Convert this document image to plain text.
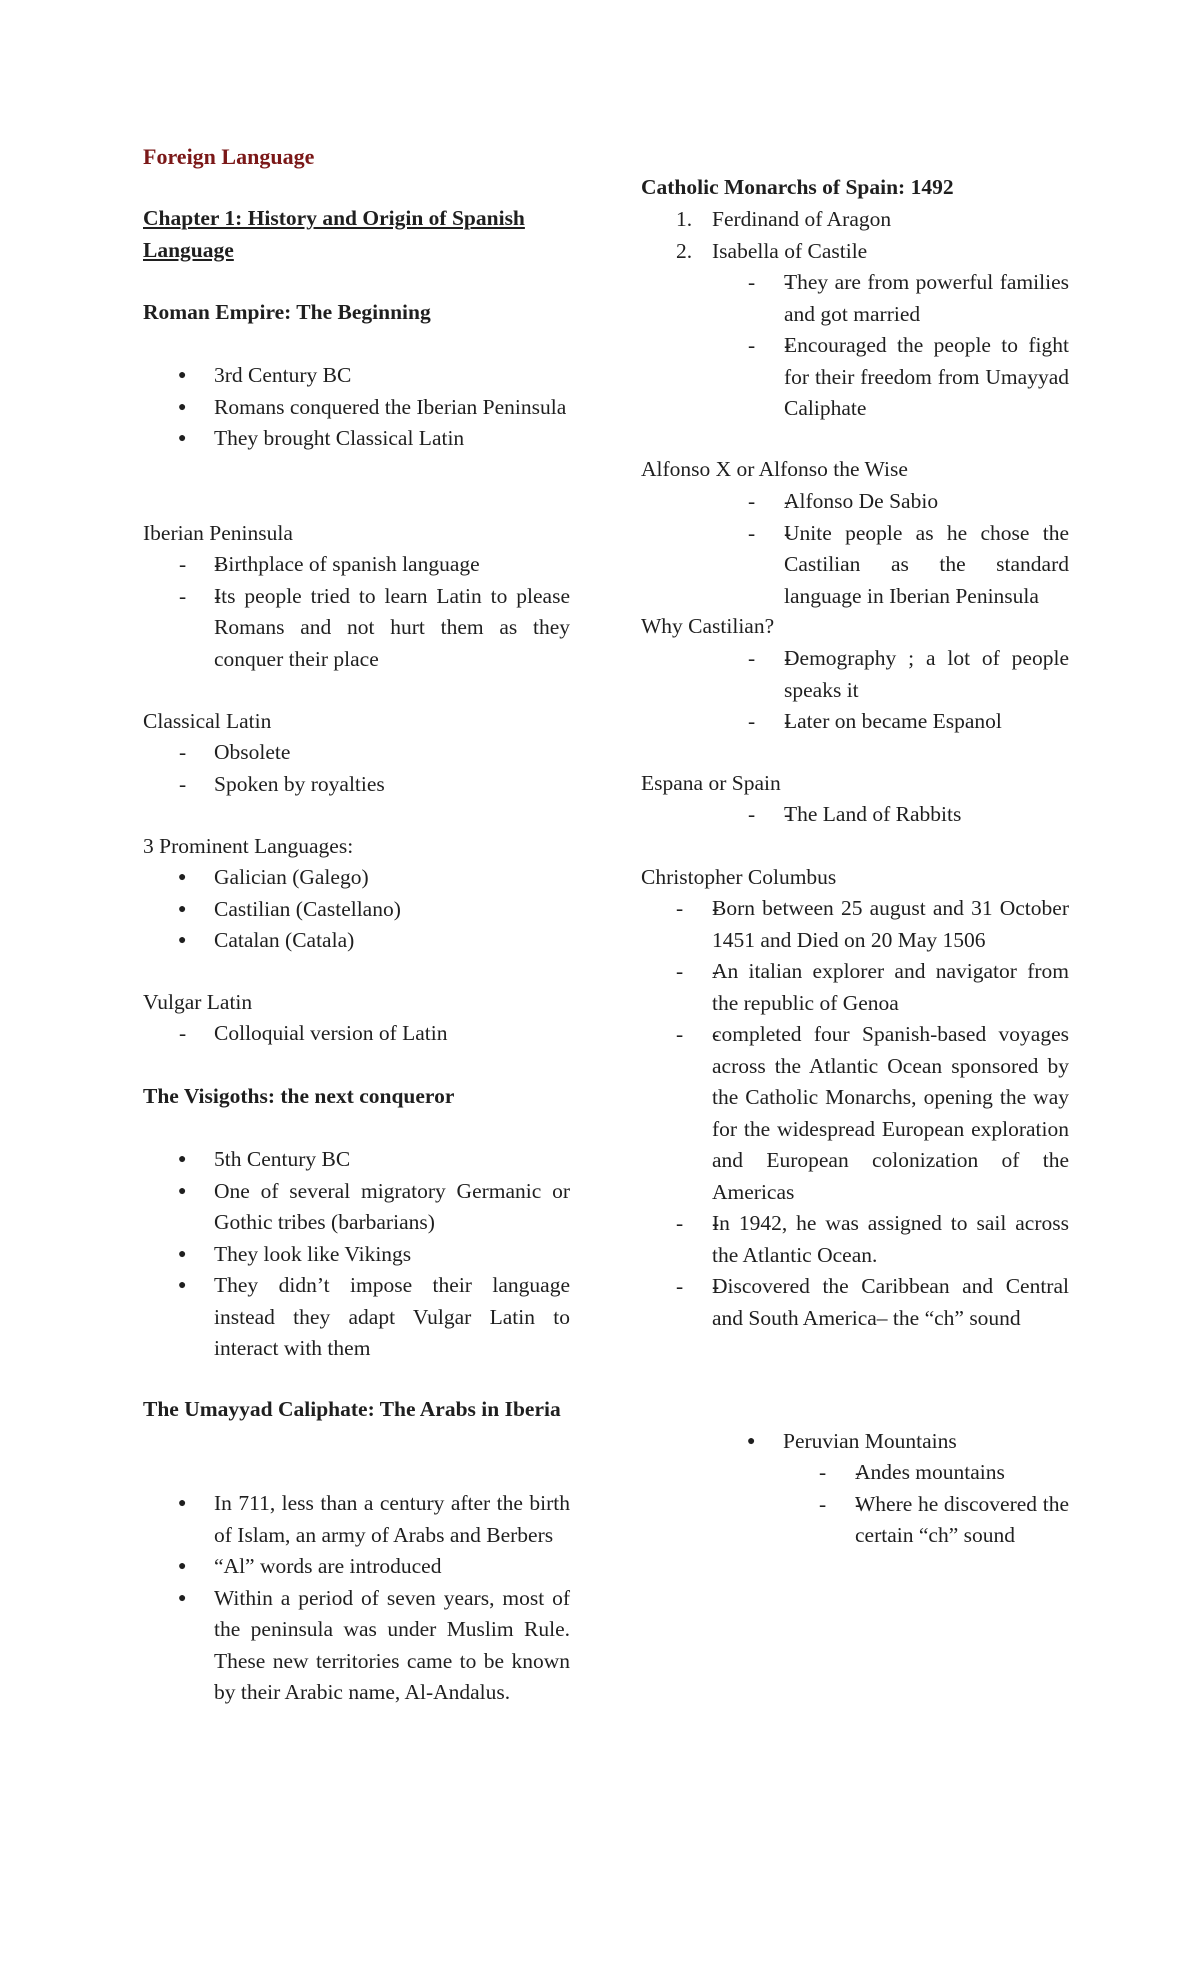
Foreign Language
Chapter 1: History and Origin of Spanish Language
Roman Empire: The Beginning
● 3rd Century BC
● Romans conquered the Iberian Peninsula
● They brought Classical Latin
Iberian Peninsula
- - Birthplace of spanish language
- - Its people tried to learn Latin to please Romans and not hurt them as they conquer their place
Classical Latin
- Obsolete
- Spoken by royalties
3 Prominent Languages:
● Galician (Galego)
● Castilian (Castellano)
● Catalan (Catala)
Vulgar Latin
- Colloquial version of Latin
The Visigoths: the next conqueror
● 5th Century BC
● One of several migratory Germanic or Gothic tribes (barbarians)
● They look like Vikings
● They didn’t impose their language instead they adapt Vulgar Latin to interact with them
The Umayyad Caliphate: The Arabs in Iberia
● In 711, less than a century after the birth of Islam, an army of Arabs and Berbers
● “Al” words are introduced
● Within a period of seven years, most of the peninsula was under Muslim Rule. These new territories came to be known by their Arabic name, Al-Andalus.
Catholic Monarchs of Spain: 1492
1. Ferdinand of Aragon
2. Isabella of Castile
- - They are from powerful families and got married
- - Encouraged the people to fight for their freedom from Umayyad Caliphate
Alfonso X or Alfonso the Wise
- - Alfonso De Sabio
- - Unite people as he chose the Castilian as the standard language in Iberian Peninsula
Why Castilian?
- - Demography ; a lot of people speaks it
- - Later on became Espanol
Espana or Spain
- - The Land of Rabbits
Christopher Columbus
- - Born between 25 august and 31 October 1451 and Died on 20 May 1506
- - An italian explorer and navigator from the republic of Genoa
- - completed four Spanish-based voyages across the Atlantic Ocean sponsored by the Catholic Monarchs, opening the way for the widespread European exploration and European colonization of the Americas
- - In 1942, he was assigned to sail across the Atlantic Ocean.
- - Discovered the Caribbean and Central and South America– the “ch” sound
● Peruvian Mountains
- - Andes mountains
- - Where he discovered the certain “ch” sound
